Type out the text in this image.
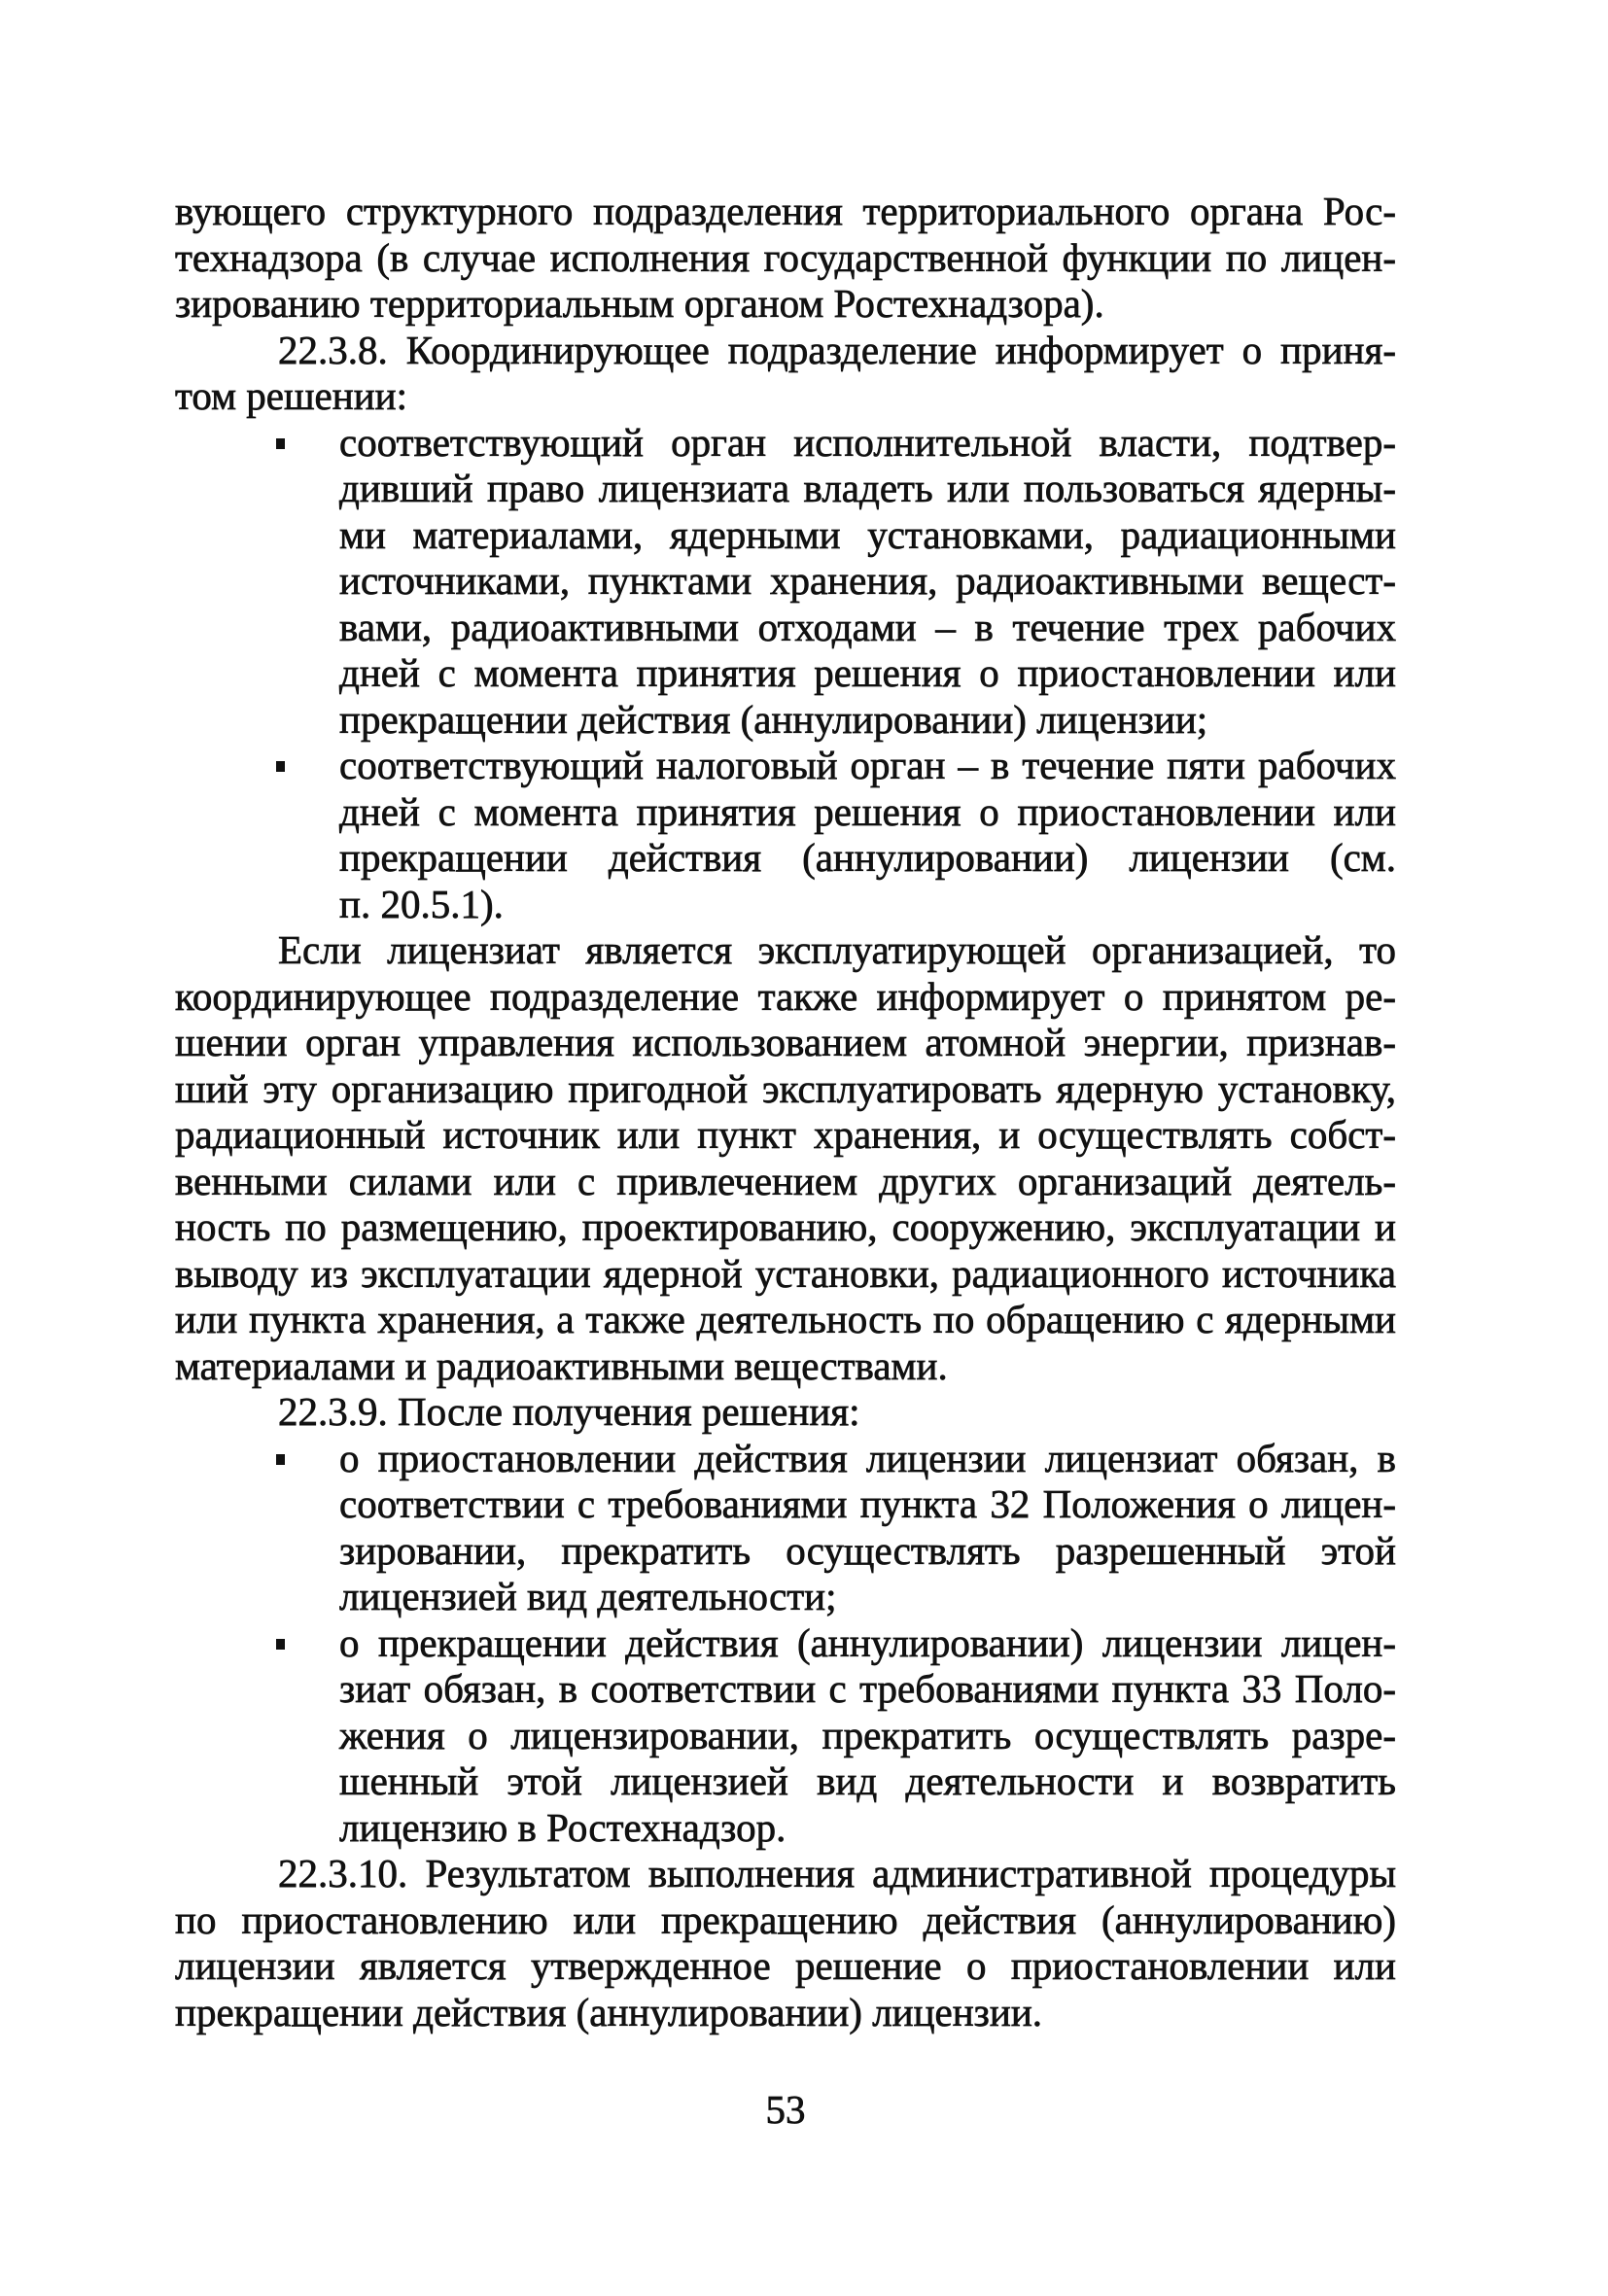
вующего структурного подразделения территориального органа Рос-
технадзора (в случае исполнения государственной функции по лицен-
зированию территориальным органом Ростехнадзора).
22.3.8. Координирующее подразделение информирует о приня-
том решении:
соответствующий орган исполнительной власти, подтвер-
дивший право лицензиата владеть или пользоваться ядерны-
ми материалами, ядерными установками, радиационными
источниками, пунктами хранения, радиоактивными вещест-
вами, радиоактивными отходами – в течение трех рабочих
дней с момента принятия решения о приостановлении или
прекращении действия (аннулировании) лицензии;
соответствующий налоговый орган – в течение пяти рабочих
дней с момента принятия решения о приостановлении или
прекращении действия (аннулировании) лицензии (см.
п. 20.5.1).
Если лицензиат является эксплуатирующей организацией, то
координирующее подразделение также информирует о принятом ре-
шении орган управления использованием атомной энергии, признав-
ший эту организацию пригодной эксплуатировать ядерную установку,
радиационный источник или пункт хранения, и осуществлять собст-
венными силами или с привлечением других организаций деятель-
ность по размещению, проектированию, сооружению, эксплуатации и
выводу из эксплуатации ядерной установки, радиационного источника
или пункта хранения, а также деятельность по обращению с ядерными
материалами и радиоактивными веществами.
22.3.9. После получения решения:
о приостановлении действия лицензии лицензиат обязан, в
соответствии с требованиями пункта 32 Положения о лицен-
зировании, прекратить осуществлять разрешенный этой
лицензией вид деятельности;
о прекращении действия (аннулировании) лицензии лицен-
зиат обязан, в соответствии с требованиями пункта 33 Поло-
жения о лицензировании, прекратить осуществлять разре-
шенный этой лицензией вид деятельности и возвратить
лицензию в Ростехнадзор.
22.3.10. Результатом выполнения административной процедуры
по приостановлению или прекращению действия (аннулированию)
лицензии является утвержденное решение о приостановлении или
прекращении действия (аннулировании) лицензии.
53
